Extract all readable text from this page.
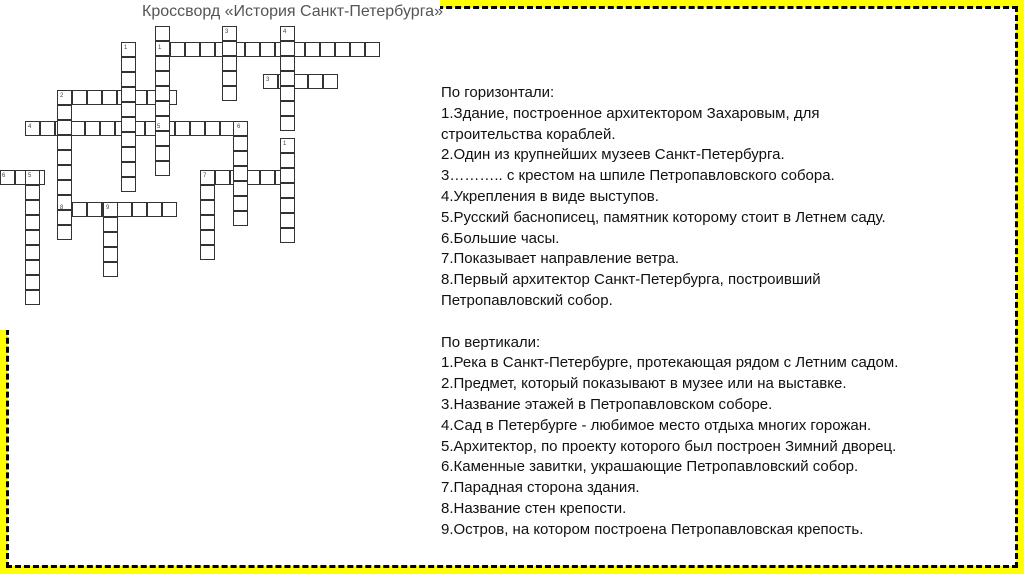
Кроссворд «История Санкт-Петербурга»
1	1
3	4
3
2
4	5	6
1
6	5	7
8	9
По горизонтали:
1.Здание, построенное архитектором Захаровым, для
строительства кораблей.
2.Один из крупнейших музеев Санкт-Петербурга.
3……….. с крестом на шпиле Петропавловского собора.
4.Укрепления в виде выступов.
5.Русский баснописец, памятник которому стоит в Летнем саду.
6.Большие часы.
7.Показывает направление ветра.
8.Первый архитектор Санкт-Петербурга, построивший
Петропавловский собор.
По вертикали:
1.Река в Санкт-Петербурге, протекающая рядом с Летним садом.
2.Предмет, который показывают в музее или на выставке.
3.Название этажей в Петропавловском соборе.
4.Сад в Петербурге - любимое место отдыха многих горожан.
5.Архитектор, по проекту которого был построен Зимний дворец.
6.Каменные завитки, украшающие Петропавловский собор.
7.Парадная сторона здания.
8.Название стен крепости.
9.Остров, на котором построена Петропавловская крепость.
